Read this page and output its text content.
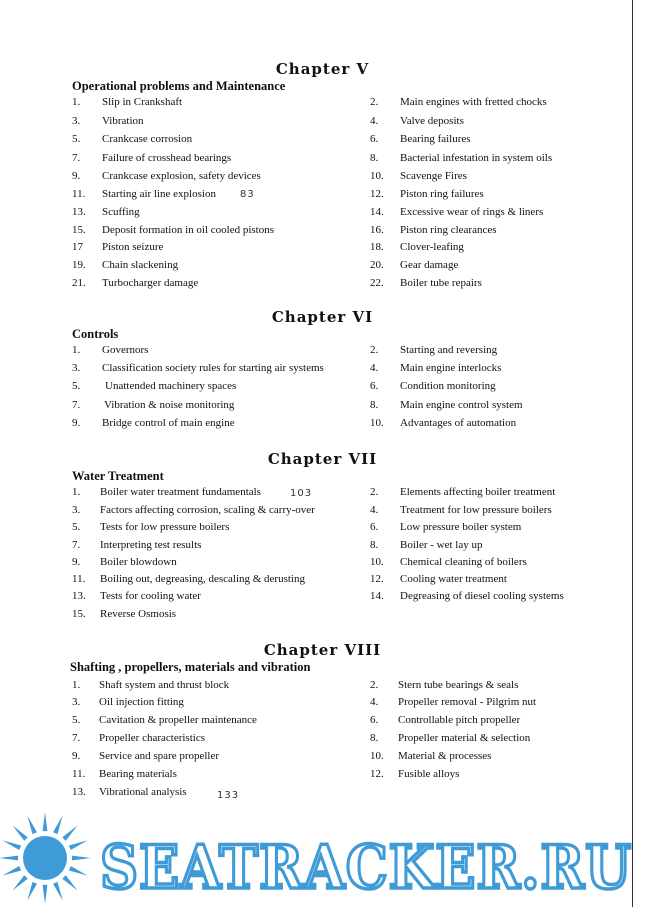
Chapter V
Operational problems and Maintenance
1.	Slip in Crankshaft	2.	Main engines with fretted chocks
3.	Vibration	4.	Valve deposits
5.	Crankcase corrosion	6.	Bearing failures
7.	Failure of crosshead bearings	8.	Bacterial infestation in system oils
9.	Crankcase explosion, safety devices	10.	Scavenge Fires
11.	Starting air line explosion 83	12.	Piston ring failures
13.	Scuffing	14.	Excessive wear of rings & liners
15.	Deposit formation in oil cooled pistons	16.	Piston ring clearances
17	Piston seizure	18.	Clover-leafing
19.	Chain slackening	20.	Gear damage
21.	Turbocharger damage	22.	Boiler tube repairs
Chapter VI
Controls
1.	Governors	2.	Starting and reversing
3.	Classification society rules for starting air systems	4.	Main engine interlocks
5.	Unattended machinery spaces	6.	Condition monitoring
7.	Vibration & noise monitoring	8.	Main engine control system
9.	Bridge control of main engine	10.	Advantages of automation
Chapter VII
Water Treatment
1.	Boiler water treatment fundamentals	103	2.	Elements affecting boiler treatment
3.	Factors affecting corrosion, scaling & carry-over	4.	Treatment for low pressure boilers
5.	Tests for low pressure boilers	6.	Low pressure boiler system
7.	Interpreting test results	8.	Boiler - wet lay up
9.	Boiler blowdown	10.	Chemical cleaning of boilers
11.	Boiling out, degreasing, descaling & derusting	12.	Cooling water treatment
13.	Tests for cooling water	14.	Degreasing of diesel cooling systems
15.	Reverse Osmosis
Chapter VIII
Shafting , propellers, materials and vibration
1.	Shaft system and thrust block	2.	Stern tube bearings & seals
3.	Oil injection fitting	4.	Propeller removal - Pilgrim nut
5.	Cavitation & propeller maintenance	6.	Controllable pitch propeller
7.	Propeller characteristics	8.	Propeller material & selection
9.	Service and spare propeller	10.	Material & processes
11.	Bearing materials	12.	Fusible alloys
13.	Vibrational analysis	133
SEATRACKER.RU
